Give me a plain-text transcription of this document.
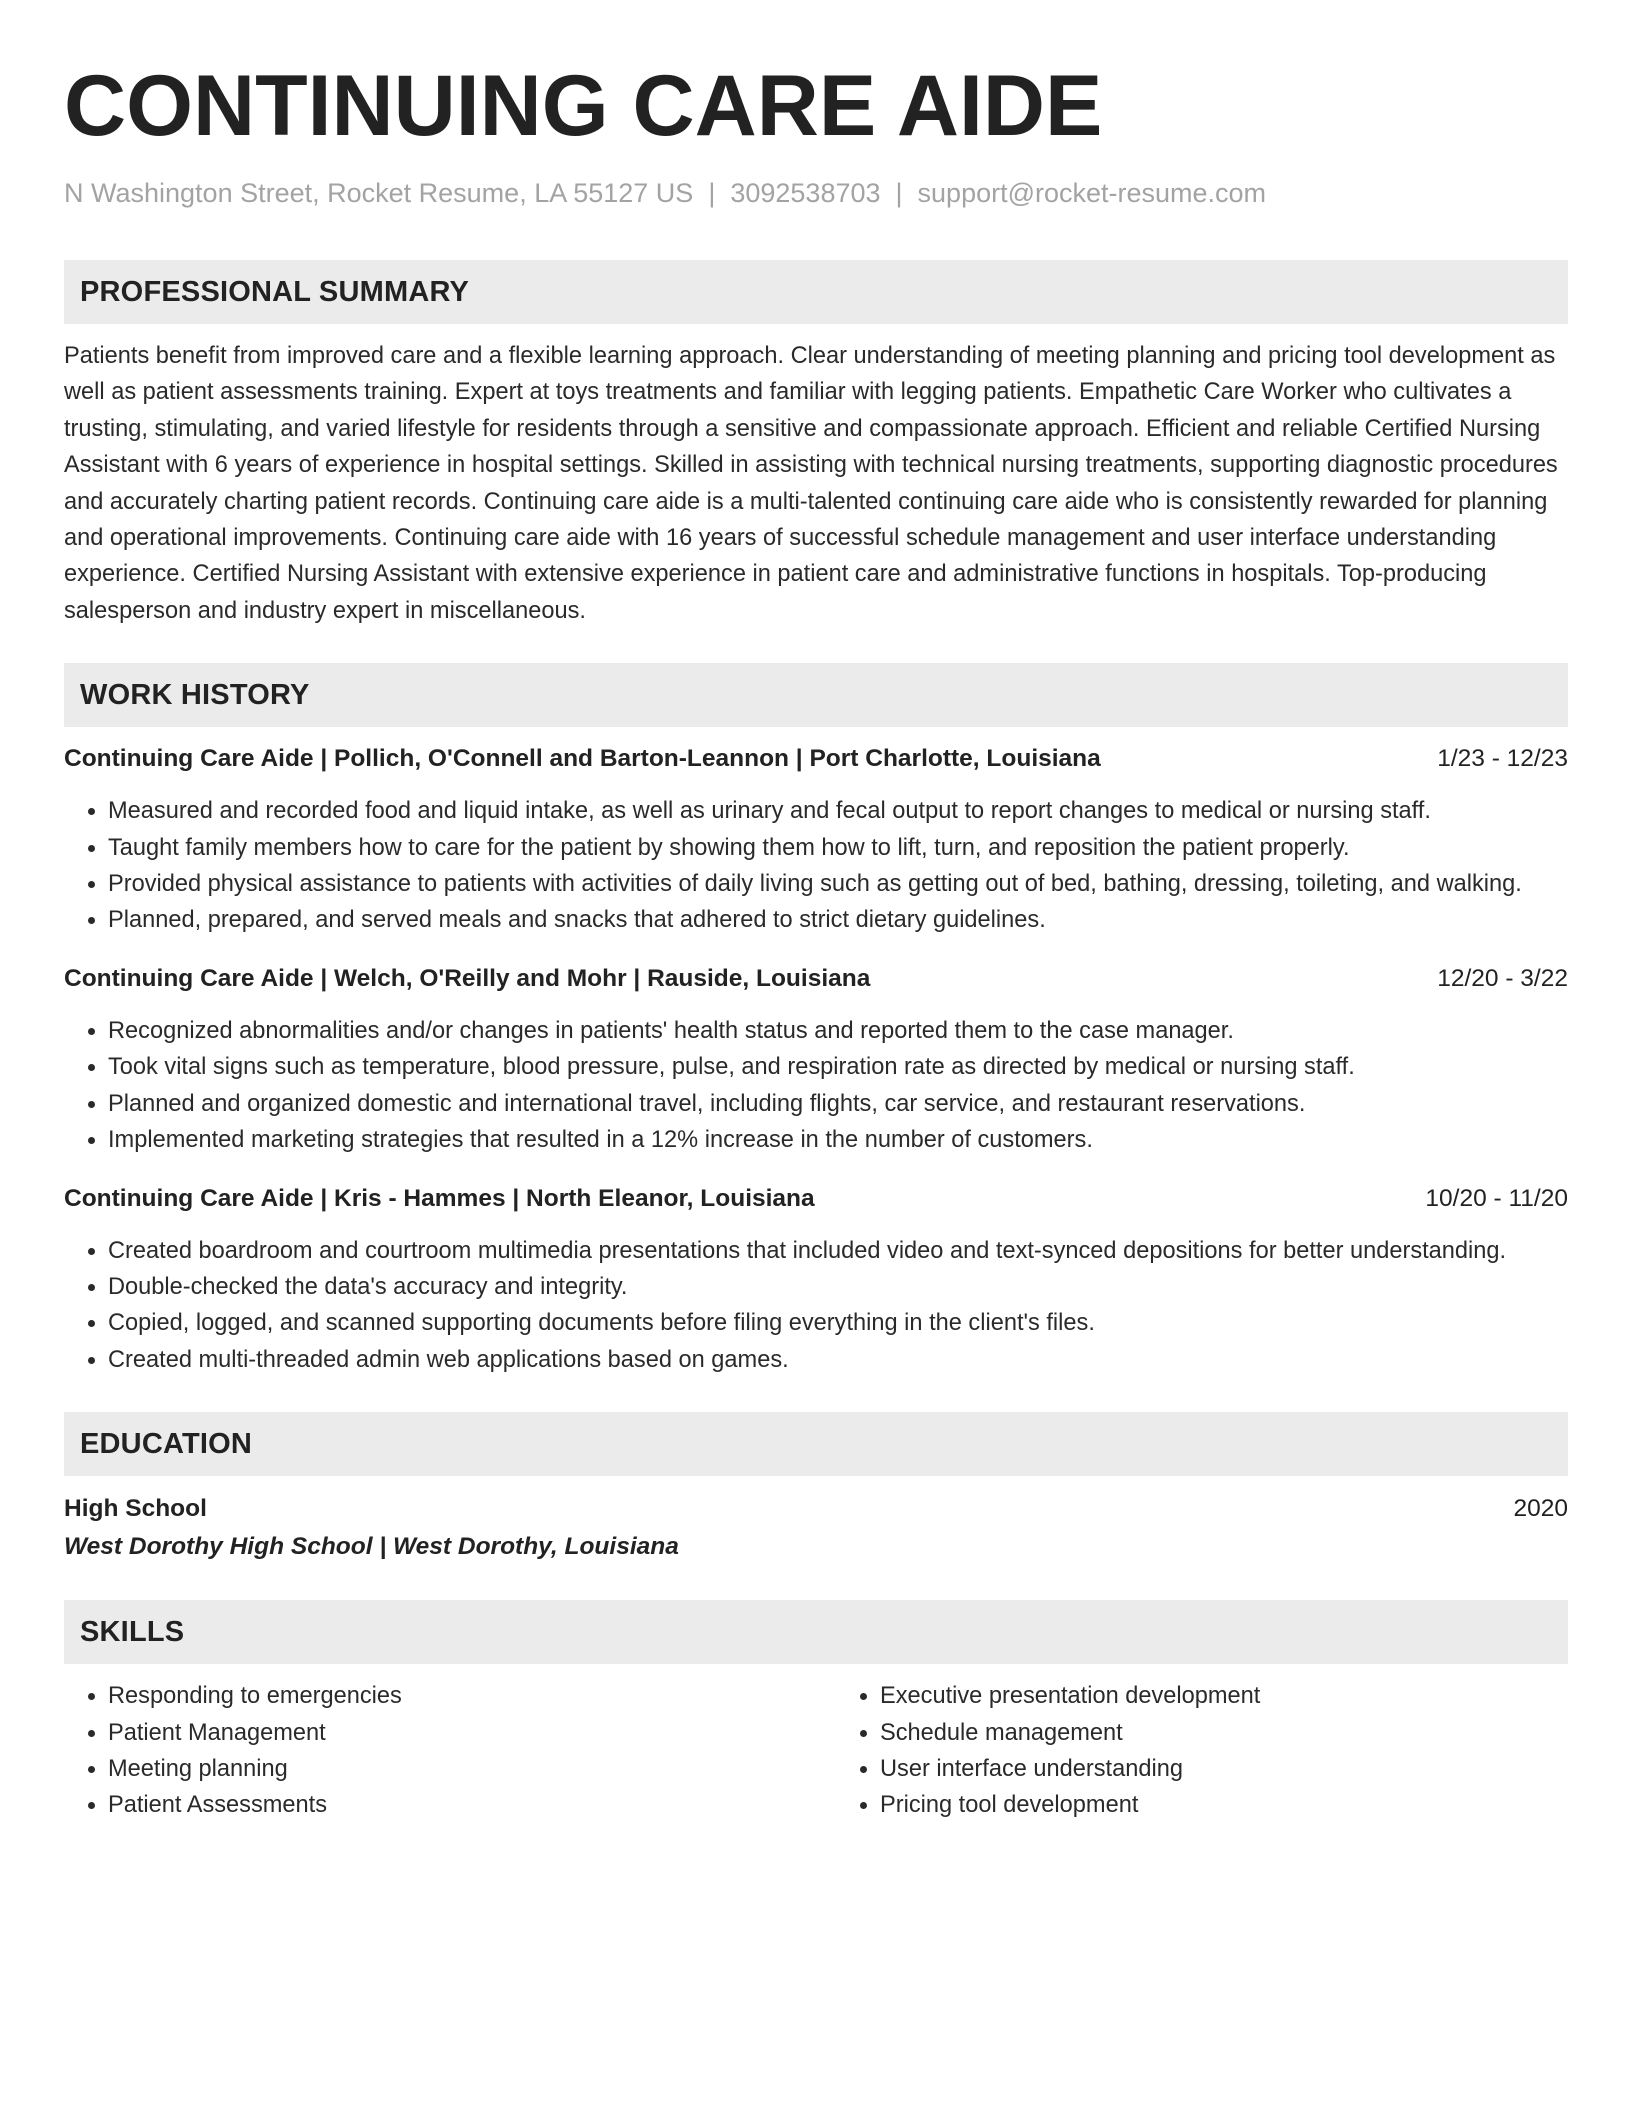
CONTINUING CARE AIDE
N Washington Street, Rocket Resume, LA 55127 US | 3092538703 | support@rocket-resume.com
PROFESSIONAL SUMMARY

Patients benefit from improved care and a flexible learning approach. Clear understanding of meeting planning and pricing tool development as well as patient assessments training. Expert at toys treatments and familiar with legging patients. Empathetic Care Worker who cultivates a trusting, stimulating, and varied lifestyle for residents through a sensitive and compassionate approach. Efficient and reliable Certified Nursing Assistant with 6 years of experience in hospital settings. Skilled in assisting with technical nursing treatments, supporting diagnostic procedures and accurately charting patient records. Continuing care aide is a multi-talented continuing care aide who is consistently rewarded for planning and operational improvements. Continuing care aide with 16 years of successful schedule management and user interface understanding experience. Certified Nursing Assistant with extensive experience in patient care and administrative functions in hospitals. Top-producing salesperson and industry expert in miscellaneous.

WORK HISTORY
Continuing Care Aide | Pollich, O'Connell and Barton-Leannon | Port Charlotte, Louisiana	1/23 - 12/23
• Measured and recorded food and liquid intake, as well as urinary and fecal output to report changes to medical or nursing staff.
• Taught family members how to care for the patient by showing them how to lift, turn, and reposition the patient properly.
• Provided physical assistance to patients with activities of daily living such as getting out of bed, bathing, dressing, toileting, and walking.
• Planned, prepared, and served meals and snacks that adhered to strict dietary guidelines.
Continuing Care Aide | Welch, O'Reilly and Mohr | Rauside, Louisiana	12/20 - 3/22
• Recognized abnormalities and/or changes in patients' health status and reported them to the case manager.
• Took vital signs such as temperature, blood pressure, pulse, and respiration rate as directed by medical or nursing staff.
• Planned and organized domestic and international travel, including flights, car service, and restaurant reservations.
• Implemented marketing strategies that resulted in a 12% increase in the number of customers.
Continuing Care Aide | Kris - Hammes | North Eleanor, Louisiana	10/20 - 11/20
• Created boardroom and courtroom multimedia presentations that included video and text-synced depositions for better understanding.
• Double-checked the data's accuracy and integrity.
• Copied, logged, and scanned supporting documents before filing everything in the client's files.
• Created multi-threaded admin web applications based on games.
EDUCATION
High School	2020
West Dorothy High School | West Dorothy, Louisiana
SKILLS
• Responding to emergencies
• Patient Management
• Meeting planning
• Patient Assessments
• Executive presentation development
• Schedule management
• User interface understanding
• Pricing tool development
